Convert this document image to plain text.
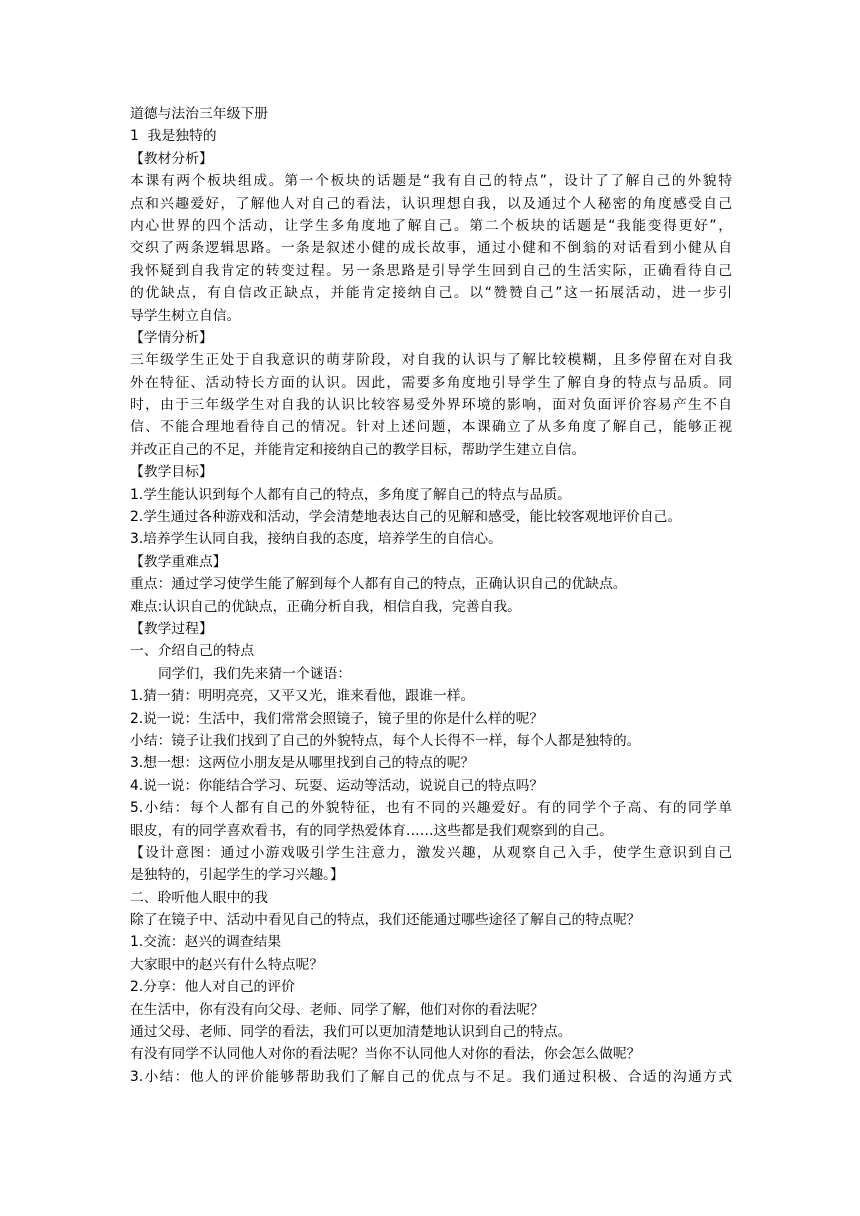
道德与法治三年级下册
1  我是独特的
【教材分析】
本课有两个板块组成。第一个板块的话题是“我有自己的特点”，设计了了解自己的外貌特
点和兴趣爱好，了解他人对自己的看法，认识理想自我，以及通过个人秘密的角度感受自己
内心世界的四个活动，让学生多角度地了解自己。第二个板块的话题是“我能变得更好”，
交织了两条逻辑思路。一条是叙述小健的成长故事，通过小健和不倒翁的对话看到小健从自
我怀疑到自我肯定的转变过程。另一条思路是引导学生回到自己的生活实际，正确看待自己
的优缺点，有自信改正缺点，并能肯定接纳自己。以“赞赞自己”这一拓展活动，进一步引
导学生树立自信。
【学情分析】
三年级学生正处于自我意识的萌芽阶段，对自我的认识与了解比较模糊，且多停留在对自我
外在特征、活动特长方面的认识。因此，需要多角度地引导学生了解自身的特点与品质。同
时，由于三年级学生对自我的认识比较容易受外界环境的影响，面对负面评价容易产生不自
信、不能合理地看待自己的情况。针对上述问题，本课确立了从多角度了解自己，能够正视
并改正自己的不足，并能肯定和接纳自己的教学目标，帮助学生建立自信。
【教学目标】
1.学生能认识到每个人都有自己的特点，多角度了解自己的特点与品质。
2.学生通过各种游戏和活动，学会清楚地表达自己的见解和感受，能比较客观地评价自己。
3.培养学生认同自我，接纳自我的态度，培养学生的自信心。
【教学重难点】
重点：通过学习使学生能了解到每个人都有自己的特点，正确认识自己的优缺点。
难点:认识自己的优缺点，正确分析自我，相信自我，完善自我。
【教学过程】
一、介绍自己的特点
同学们，我们先来猜一个谜语：
1.猜一猜：明明亮亮，又平又光，谁来看他，跟谁一样。
2.说一说：生活中，我们常常会照镜子，镜子里的你是什么样的呢？
小结：镜子让我们找到了自己的外貌特点，每个人长得不一样，每个人都是独特的。
3.想一想：这两位小朋友是从哪里找到自己的特点的呢？
4.说一说：你能结合学习、玩耍、运动等活动，说说自己的特点吗？
5.小结：每个人都有自己的外貌特征，也有不同的兴趣爱好。有的同学个子高、有的同学单
眼皮，有的同学喜欢看书，有的同学热爱体育……这些都是我们观察到的自己。
【设计意图：通过小游戏吸引学生注意力，激发兴趣，从观察自己入手，使学生意识到自己
是独特的，引起学生的学习兴趣。】
二、聆听他人眼中的我
除了在镜子中、活动中看见自己的特点，我们还能通过哪些途径了解自己的特点呢？
1.交流：赵兴的调查结果
大家眼中的赵兴有什么特点呢？
2.分享：他人对自己的评价
在生活中，你有没有向父母、老师、同学了解，他们对你的看法呢？
通过父母、老师、同学的看法，我们可以更加清楚地认识到自己的特点。
有没有同学不认同他人对你的看法呢？当你不认同他人对你的看法，你会怎么做呢？
3.小结：他人的评价能够帮助我们了解自己的优点与不足。我们通过积极、合适的沟通方式
